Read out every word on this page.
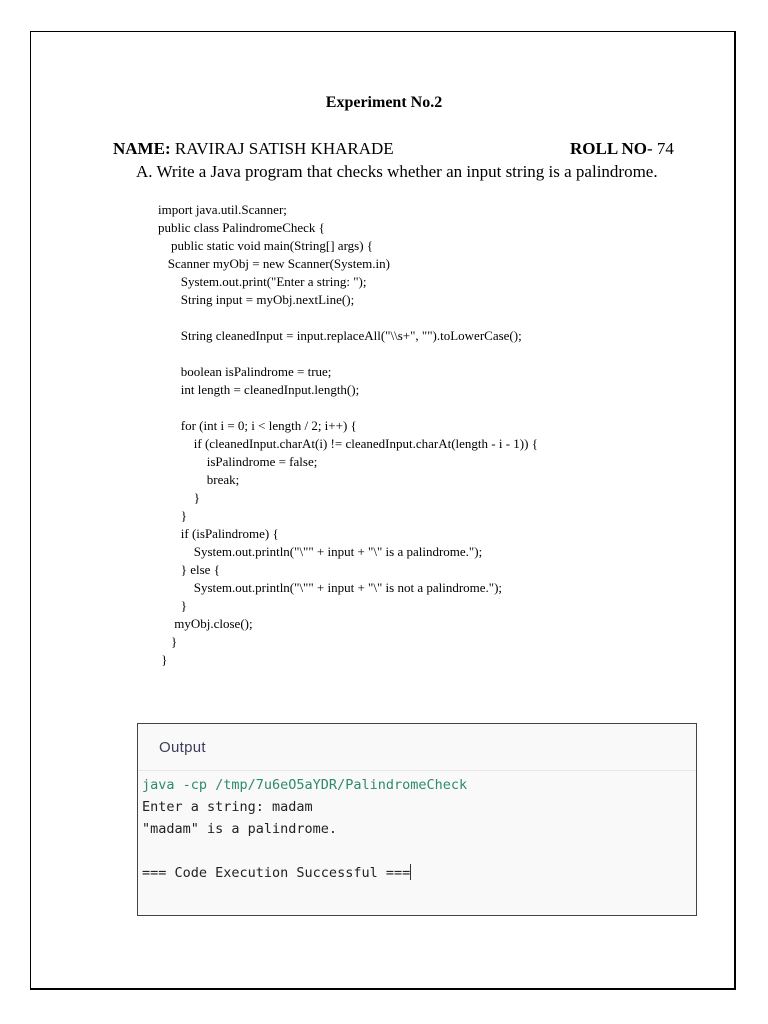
Experiment No.2
NAME: RAVIRAJ SATISH KHARADE	ROLL NO- 74
A. Write a Java program that checks whether an input string is a palindrome.
import java.util.Scanner;
public class PalindromeCheck {
public static void main(String[] args) {
Scanner myObj = new Scanner(System.in)
System.out.print("Enter a string: ");
String input = myObj.nextLine();
String cleanedInput = input.replaceAll("\\s+", "").toLowerCase();
boolean isPalindrome = true;
int length = cleanedInput.length();
for (int i = 0; i < length / 2; i++) {
if (cleanedInput.charAt(i) != cleanedInput.charAt(length - i - 1)) {
isPalindrome = false;
break;
}
}
if (isPalindrome) {
System.out.println("\"" + input + "\" is a palindrome.");
} else {
System.out.println("\"" + input + "\" is not a palindrome.");
}
myObj.close();
}
}
Output
java -cp /tmp/7u6eO5aYDR/PalindromeCheck
Enter a string: madam
"madam" is a palindrome.
=== Code Execution Successful ===
